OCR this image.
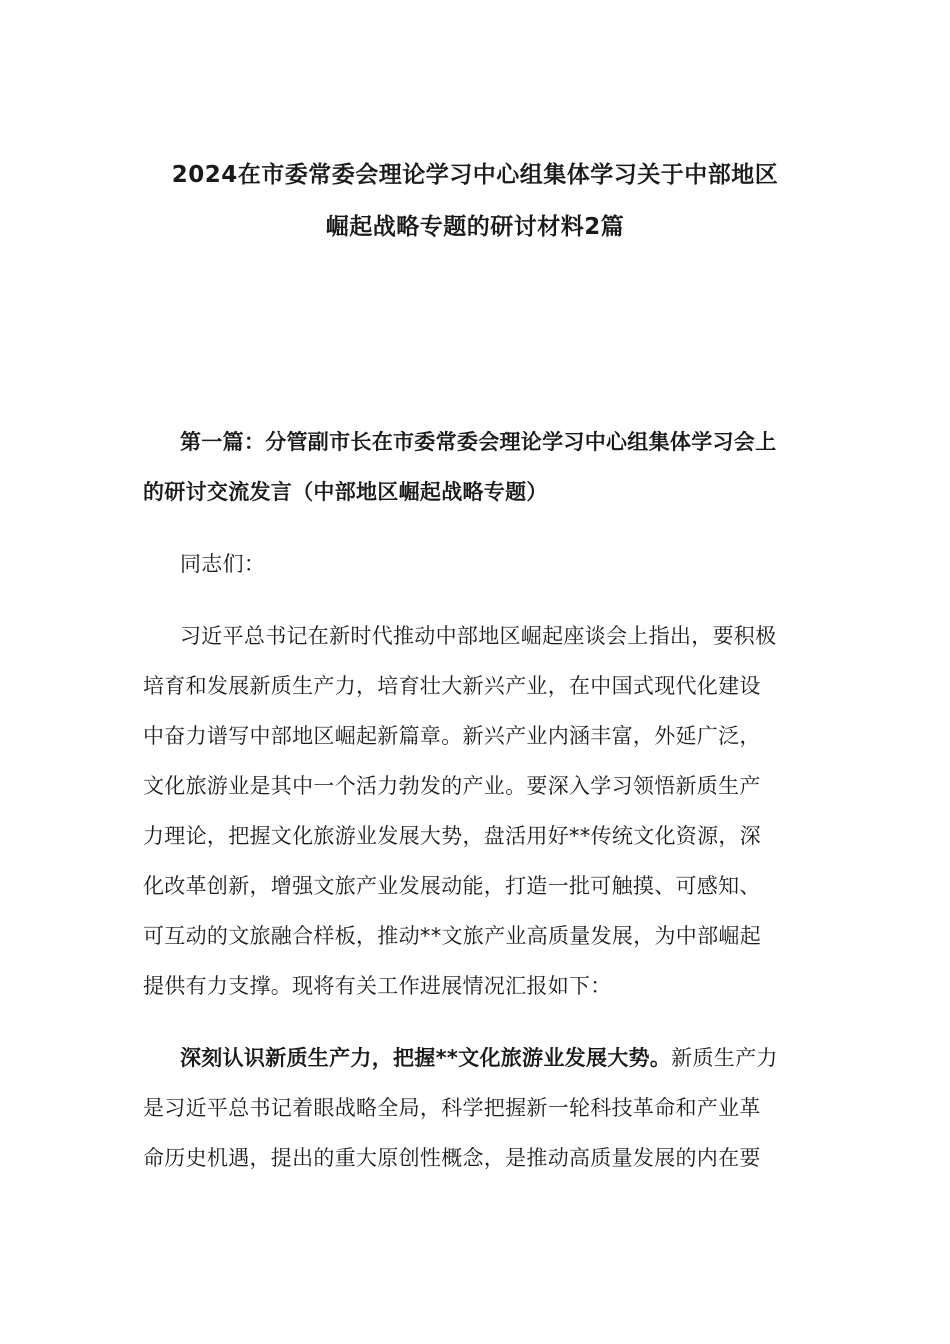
2024在市委常委会理论学习中心组集体学习关于中部地区
崛起战略专题的研讨材料2篇
第一篇：分管副市长在市委常委会理论学习中心组集体学习会上
的研讨交流发言（中部地区崛起战略专题）
同志们：
习近平总书记在新时代推动中部地区崛起座谈会上指出，要积极
培育和发展新质生产力，培育壮大新兴产业，在中国式现代化建设
中奋力谱写中部地区崛起新篇章。新兴产业内涵丰富，外延广泛，
文化旅游业是其中一个活力勃发的产业。要深入学习领悟新质生产
力理论，把握文化旅游业发展大势，盘活用好**传统文化资源，深
化改革创新，增强文旅产业发展动能，打造一批可触摸、可感知、
可互动的文旅融合样板，推动**文旅产业高质量发展，为中部崛起
提供有力支撑。现将有关工作进展情况汇报如下：
深刻认识新质生产力，把握**文化旅游业发展大势。新质生产力
是习近平总书记着眼战略全局，科学把握新一轮科技革命和产业革
命历史机遇，提出的重大原创性概念，是推动高质量发展的内在要
